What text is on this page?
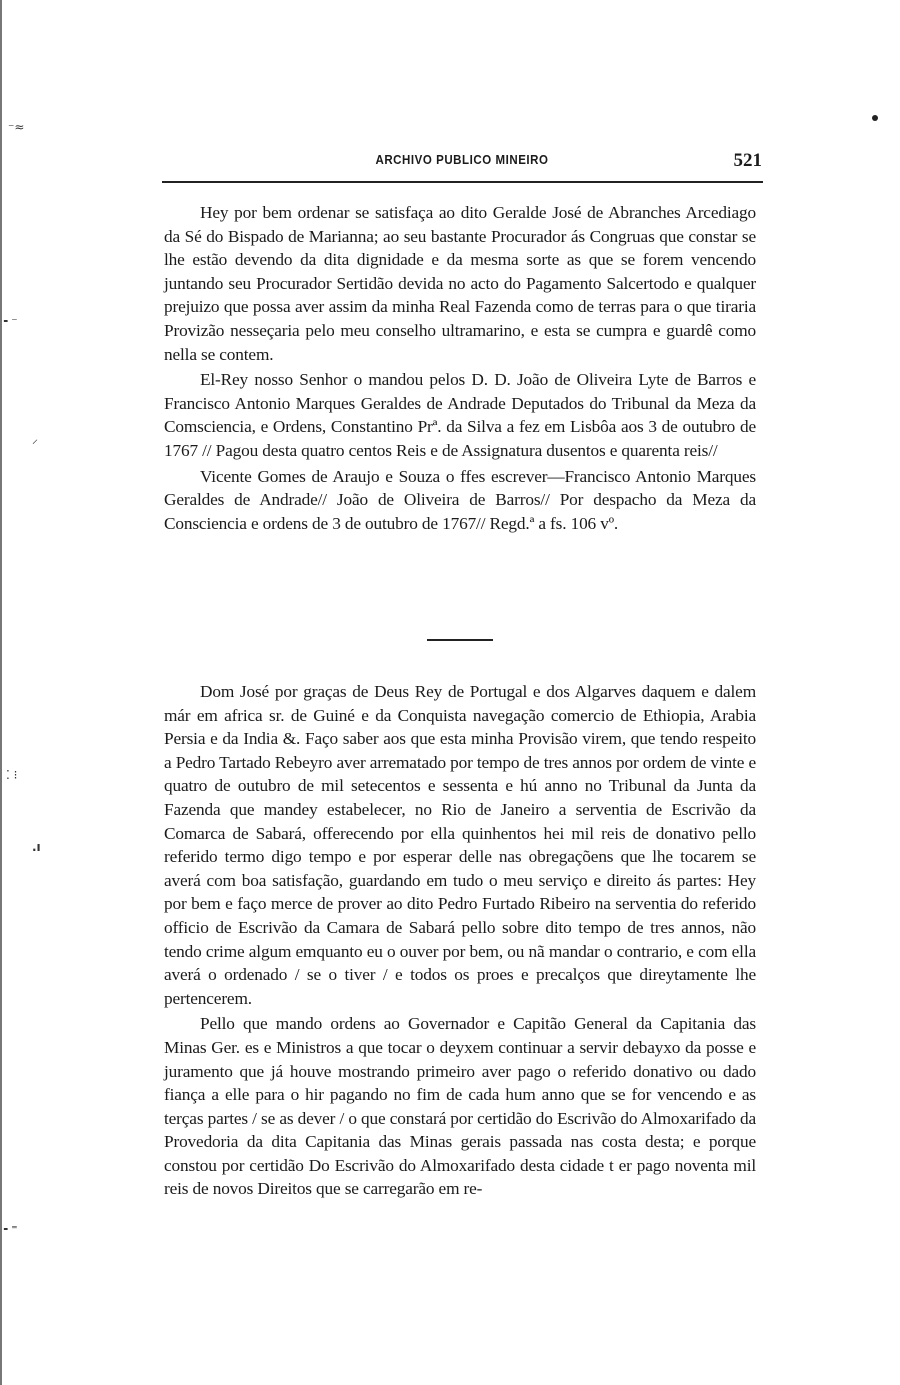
⁻≈
╸⁻
⸝
⁚ ⁝
.ı
╸⁼
ARCHIVO PUBLICO MINEIRO	521

Hey por bem ordenar se satisfaça ao dito Geralde José de Abranches Arcediago da Sé do Bispado de Marianna; ao seu bastante Procurador ás Congruas que constar se lhe estão devendo da dita dignidade e da mesma sorte as que se forem vencendo juntando seu Procurador Sertidão devida no acto do Pagamento Salcertodo e qualquer prejuizo que possa aver assim da minha Real Fazenda como de terras para o que tiraria Provizão nesseçaria pelo meu conselho ultramarino, e esta se cumpra e guardê como nella se contem.

El-Rey nosso Senhor o mandou pelos D. D. João de Oliveira Lyte de Barros e Francisco Antonio Marques Geraldes de Andrade Deputados do Tribunal da Meza da Comsciencia, e Ordens, Constantino Prª. da Silva a fez em Lisbôa aos 3 de outubro de 1767 // Pagou desta quatro centos Reis e de Assignatura dusentos e quarenta reis//

Vicente Gomes de Araujo e Souza o ffes escrever—Francisco Antonio Marques Geraldes de Andrade// João de Oliveira de Barros// Por despacho da Meza da Consciencia e ordens de 3 de outubro de 1767// Regd.ª a fs. 106 vº.

Dom José por graças de Deus Rey de Portugal e dos Algarves daquem e dalem már em africa sr. de Guiné e da Conquista navegação comercio de Ethiopia, Arabia Persia e da India &. Faço saber aos que esta minha Provisão virem, que tendo respeito a Pedro Tartado Rebeyro aver arrematado por tempo de tres annos por ordem de vinte e quatro de outubro de mil setecentos e sessenta e hú anno no Tribunal da Junta da Fazenda que mandey estabelecer, no Rio de Janeiro a serventia de Escrivão da Comarca de Sabará, offerecendo por ella quinhentos hei mil reis de donativo pello referido termo digo tempo e por esperar delle nas obregaçõens que lhe tocarem se averá com boa satisfação, guardando em tudo o meu serviço e direito ás partes: Hey por bem e faço merce de prover ao dito Pedro Furtado Ribeiro na serventia do referido officio de Escrivão da Camara de Sabará pello sobre dito tempo de tres annos, não tendo crime algum emquanto eu o ouver por bem, ou nã mandar o contrario, e com ella averá o ordenado / se o tiver / e todos os proes e precalços que direytamente lhe pertencerem.

Pello que mando ordens ao Governador e Capitão General da Capitania das Minas Ger. es e Ministros a que tocar o deyxem continuar a servir debayxo da posse e juramento que já houve mostrando primeiro aver pago o referido donativo ou dado fiança a elle para o hir pagando no fim de cada hum anno que se for vencendo e as terças partes / se as dever / o que constará por certidão do Escrivão do Almoxarifado da Provedoria da dita Capitania das Minas gerais passada nas costa desta; e porque constou por certidão Do Escrivão do Almoxarifado desta cidade t er pago noventa mil reis de novos Direitos que se carregarão em re-
